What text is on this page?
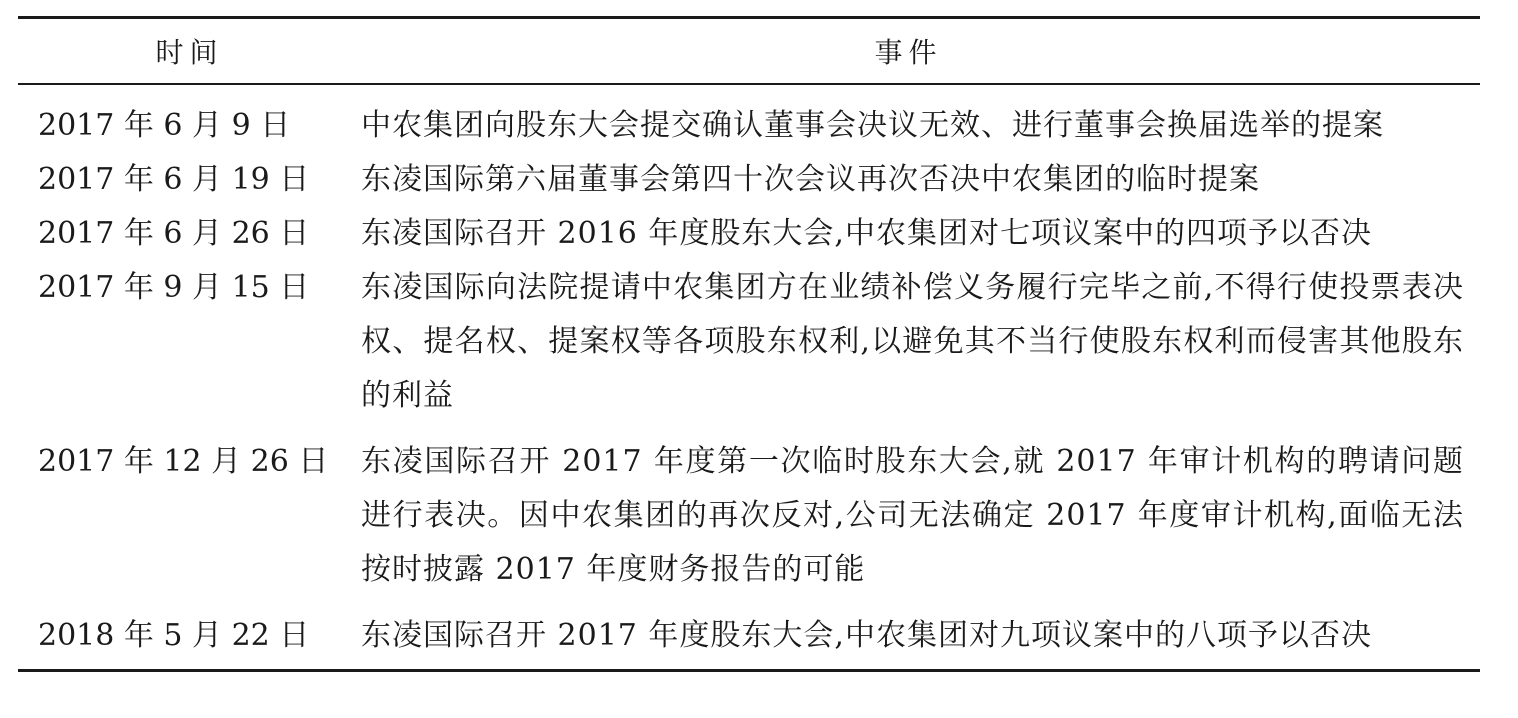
时间	事件
2017 年 6 月 9 日	中农集团向股东大会提交确认董事会决议无效、进行董事会换届选举的提案
2017 年 6 月 19 日	东凌国际第六届董事会第四十次会议再次否决中农集团的临时提案
2017 年 6 月 26 日	东凌国际召开 2016 年度股东大会,中农集团对七项议案中的四项予以否决
2017 年 9 月 15 日	东凌国际向法院提请中农集团方在业绩补偿义务履行完毕之前,不得行使投票表决权、提名权、提案权等各项股东权利,以避免其不当行使股东权利而侵害其他股东的利益
2017 年 12 月 26 日	东凌国际召开 2017 年度第一次临时股东大会,就 2017 年审计机构的聘请问题进行表决。因中农集团的再次反对,公司无法确定 2017 年度审计机构,面临无法按时披露 2017 年度财务报告的可能
2018 年 5 月 22 日	东凌国际召开 2017 年度股东大会,中农集团对九项议案中的八项予以否决
